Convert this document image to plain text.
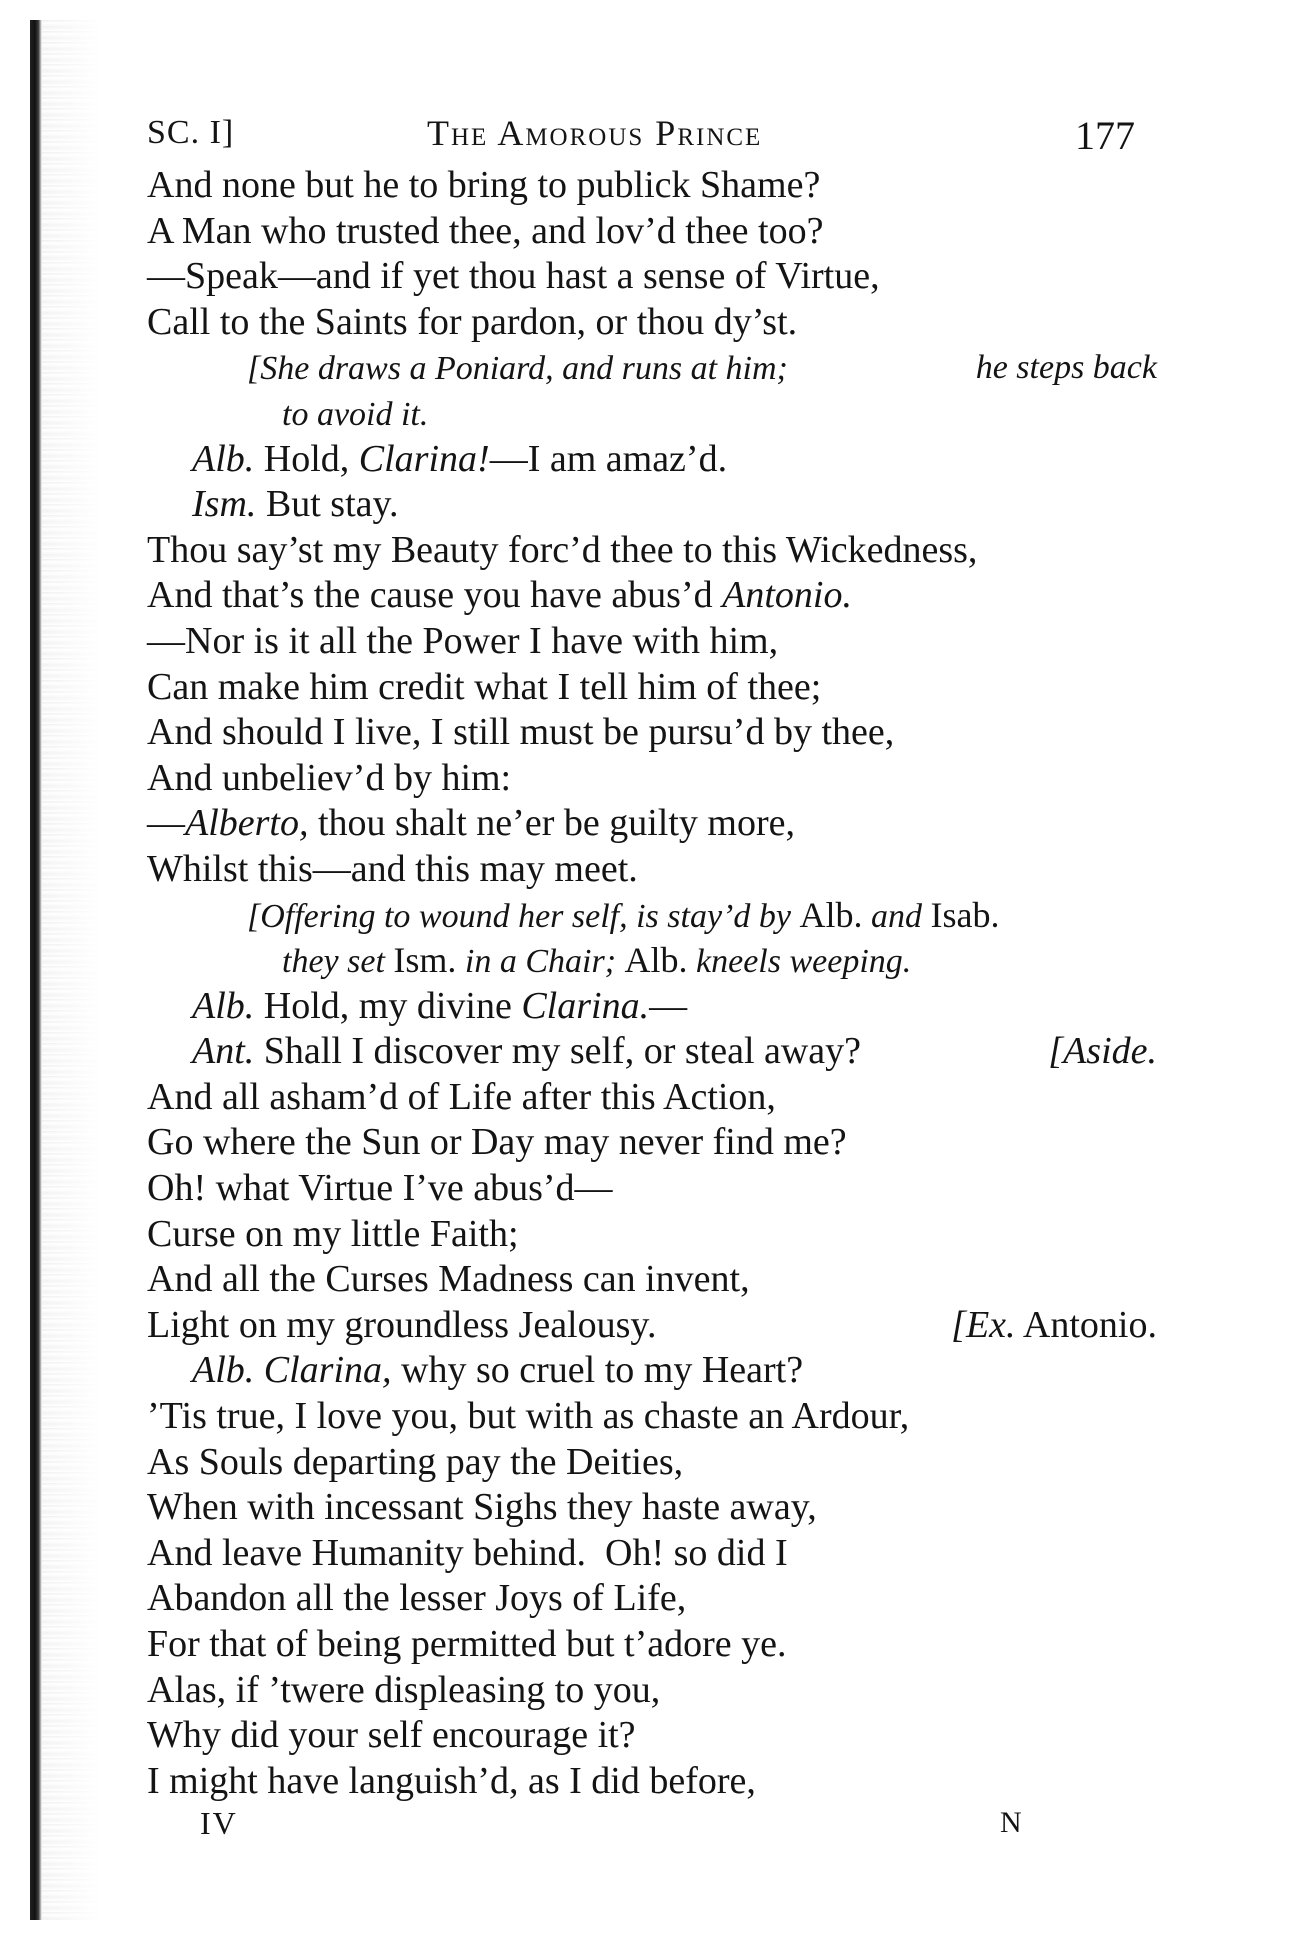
SC. I]	The Amorous Prince	177
And none but he to bring to publick Shame?
A Man who trusted thee, and lov’d thee too?
—Speak—and if yet thou hast a sense of Virtue,
Call to the Saints for pardon, or thou dy’st.
[She draws a Poniard, and runs at him;	he steps back
to avoid it.
Alb. Hold, Clarina!—I am amaz’d.
Ism. But stay.
Thou say’st my Beauty forc’d thee to this Wickedness,
And that’s the cause you have abus’d Antonio.
—Nor is it all the Power I have with him,
Can make him credit what I tell him of thee;
And should I live, I still must be pursu’d by thee,
And unbeliev’d by him:
—Alberto, thou shalt ne’er be guilty more,
Whilst this—and this may meet.
[Offering to wound her self, is stay’d by Alb. and Isab.
they set Ism. in a Chair; Alb. kneels weeping.
Alb. Hold, my divine Clarina.—
Ant. Shall I discover my self, or steal away?	[Aside.
And all asham’d of Life after this Action,
Go where the Sun or Day may never find me?
Oh! what Virtue I’ve abus’d—
Curse on my little Faith;
And all the Curses Madness can invent,
Light on my groundless Jealousy.	[Ex. Antonio.
Alb. Clarina, why so cruel to my Heart?
’Tis true, I love you, but with as chaste an Ardour,
As Souls departing pay the Deities,
When with incessant Sighs they haste away,
And leave Humanity behind.  Oh! so did I
Abandon all the lesser Joys of Life,
For that of being permitted but t’adore ye.
Alas, if ’twere displeasing to you,
Why did your self encourage it?
I might have languish’d, as I did before,
IV	N
